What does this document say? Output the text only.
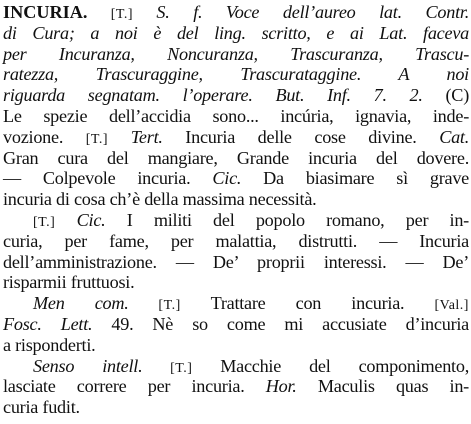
INCURIA. [T.] S. f. Voce dell’aureo lat. Contr.
di Cura; a noi è del ling. scritto, e ai Lat. faceva
per Incuranza, Noncuranza, Trascuranza, Trascu-
ratezza, Trascuraggine, Trascurataggine. A noi
riguarda segnatam. l’operare. But. Inf. 7. 2. (C)
Le spezie dell’accidia sono... incúria, ignavia, inde-
vozione. [T.] Tert. Incuria delle cose divine. Cat.
Gran cura del mangiare, Grande incuria del dovere.
— Colpevole incuria. Cic. Da biasimare sì grave
incuria di cosa ch’è della massima necessità.
[T.] Cic. I militi del popolo romano, per in-
curia, per fame, per malattia, distrutti. — Incuria
dell’amministrazione. — De’ proprii interessi. — De’
risparmii fruttuosi.
Men com. [T.] Trattare con incuria. [Val.]
Fosc. Lett. 49. Nè so come mi accusiate d’incuria
a risponderti.
Senso intell. [T.] Macchie del componimento,
lasciate correre per incuria. Hor. Maculis quas in-
curia fudit.
